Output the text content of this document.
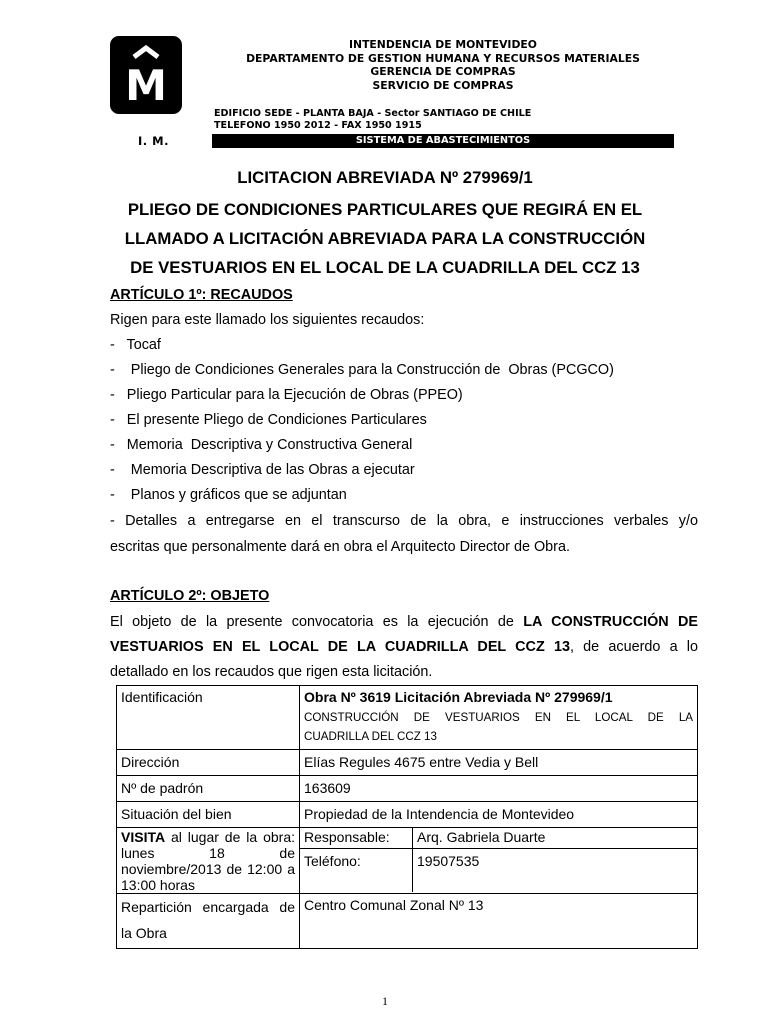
M
I. M.
INTENDENCIA DE MONTEVIDEO
DEPARTAMENTO DE GESTION HUMANA Y RECURSOS MATERIALES
GERENCIA DE COMPRAS
SERVICIO DE COMPRAS
EDIFICIO SEDE - PLANTA BAJA - Sector SANTIAGO DE CHILE
TELEFONO 1950 2012 - FAX 1950 1915
SISTEMA DE ABASTECIMIENTOS
LICITACION ABREVIADA Nº 279969/1
PLIEGO DE CONDICIONES PARTICULARES QUE REGIRÁ EN EL
LLAMADO A LICITACIÓN ABREVIADA PARA LA CONSTRUCCIÓN
DE VESTUARIOS EN EL LOCAL DE LA CUADRILLA DEL CCZ 13
ARTÍCULO 1º: RECAUDOS
Rigen para este llamado los siguientes recaudos:
-   Tocaf
-    Pliego de Condiciones Generales para la Construcción de  Obras (PCGCO)
-   Pliego Particular para la Ejecución de Obras (PPEO)
-   El presente Pliego de Condiciones Particulares
-   Memoria  Descriptiva y Constructiva General
-    Memoria Descriptiva de las Obras a ejecutar
-    Planos y gráficos que se adjuntan
- Detalles a entregarse en el transcurso de la obra, e instrucciones verbales y/o
escritas que personalmente dará en obra el Arquitecto Director de Obra.
ARTÍCULO 2º: OBJETO
El objeto de la presente convocatoria es la ejecución de LA CONSTRUCCIÓN DE
VESTUARIOS EN EL LOCAL DE LA CUADRILLA DEL CCZ 13, de acuerdo a lo
detallado en los recaudos que rigen esta licitación.
Identificación	Obra Nº 3619 Licitación Abreviada Nº 279969/1
CONSTRUCCIÓN DE VESTUARIOS EN EL LOCAL DE LA
CUADRILLA DEL CCZ 13

Dirección	Elías Regules 4675 entre Vedia y Bell
Nº de padrón	163609
Situación del bien	Propiedad de la Intendencia de Montevideo
VISITA al lugar de la obra: lunes 18 de noviembre/2013 de 12:00 a 13:00 horas	Responsable: Arq. Gabriela Duarte
Teléfono: 19507535

Repartición encargada de la Obra	Centro Comunal Zonal Nº 13
1
